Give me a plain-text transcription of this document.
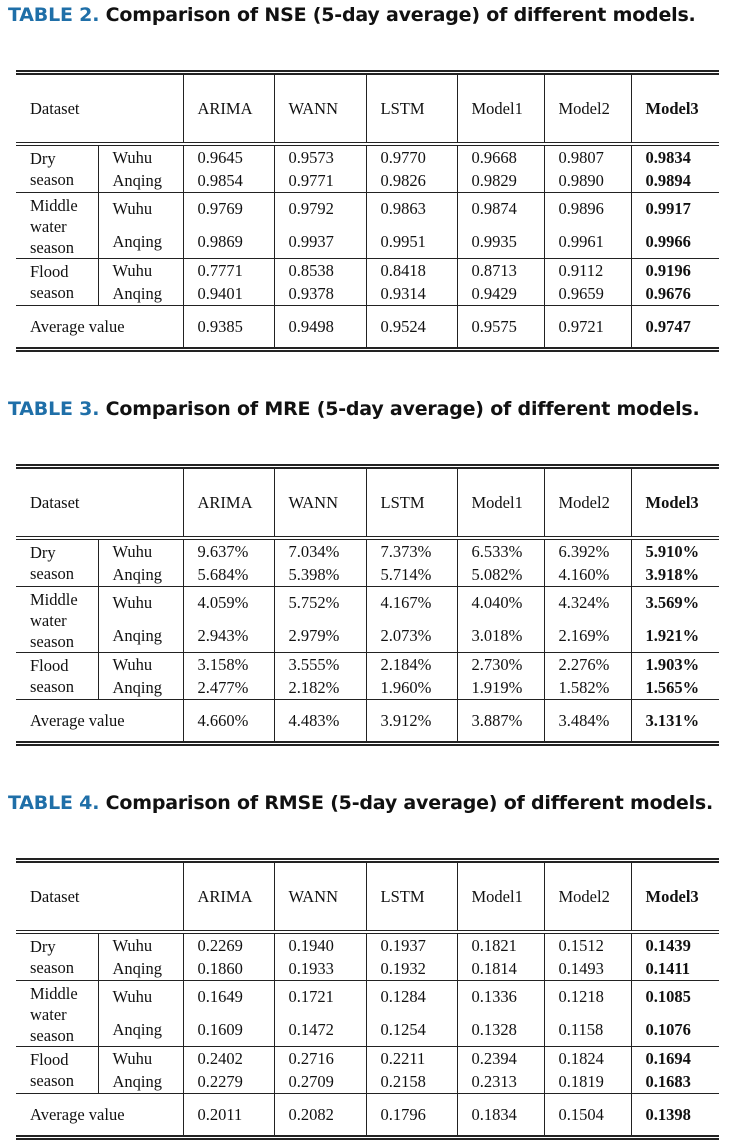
TABLE 2. Comparison of NSE (5-day average) of different models.
Dataset		ARIMA	WANN	LSTM	Model1	Model2	Model3
Dry
season	Wuhu	0.9645	0.9573	0.9770	0.9668	0.9807	0.9834
	Anqing	0.9854	0.9771	0.9826	0.9829	0.9890	0.9894
Middle
water
season	Wuhu	0.9769	0.9792	0.9863	0.9874	0.9896	0.9917
	Anqing	0.9869	0.9937	0.9951	0.9935	0.9961	0.9966
Flood
season	Wuhu	0.7771	0.8538	0.8418	0.8713	0.9112	0.9196
	Anqing	0.9401	0.9378	0.9314	0.9429	0.9659	0.9676
Average value		0.9385	0.9498	0.9524	0.9575	0.9721	0.9747
TABLE 3. Comparison of MRE (5-day average) of different models.
Dataset		ARIMA	WANN	LSTM	Model1	Model2	Model3
Dry
season	Wuhu	9.637%	7.034%	7.373%	6.533%	6.392%	5.910%
	Anqing	5.684%	5.398%	5.714%	5.082%	4.160%	3.918%
Middle
water
season	Wuhu	4.059%	5.752%	4.167%	4.040%	4.324%	3.569%
	Anqing	2.943%	2.979%	2.073%	3.018%	2.169%	1.921%
Flood
season	Wuhu	3.158%	3.555%	2.184%	2.730%	2.276%	1.903%
	Anqing	2.477%	2.182%	1.960%	1.919%	1.582%	1.565%
Average value		4.660%	4.483%	3.912%	3.887%	3.484%	3.131%
TABLE 4. Comparison of RMSE (5-day average) of different models.
Dataset		ARIMA	WANN	LSTM	Model1	Model2	Model3
Dry
season	Wuhu	0.2269	0.1940	0.1937	0.1821	0.1512	0.1439
	Anqing	0.1860	0.1933	0.1932	0.1814	0.1493	0.1411
Middle
water
season	Wuhu	0.1649	0.1721	0.1284	0.1336	0.1218	0.1085
	Anqing	0.1609	0.1472	0.1254	0.1328	0.1158	0.1076
Flood
season	Wuhu	0.2402	0.2716	0.2211	0.2394	0.1824	0.1694
	Anqing	0.2279	0.2709	0.2158	0.2313	0.1819	0.1683
Average value		0.2011	0.2082	0.1796	0.1834	0.1504	0.1398
